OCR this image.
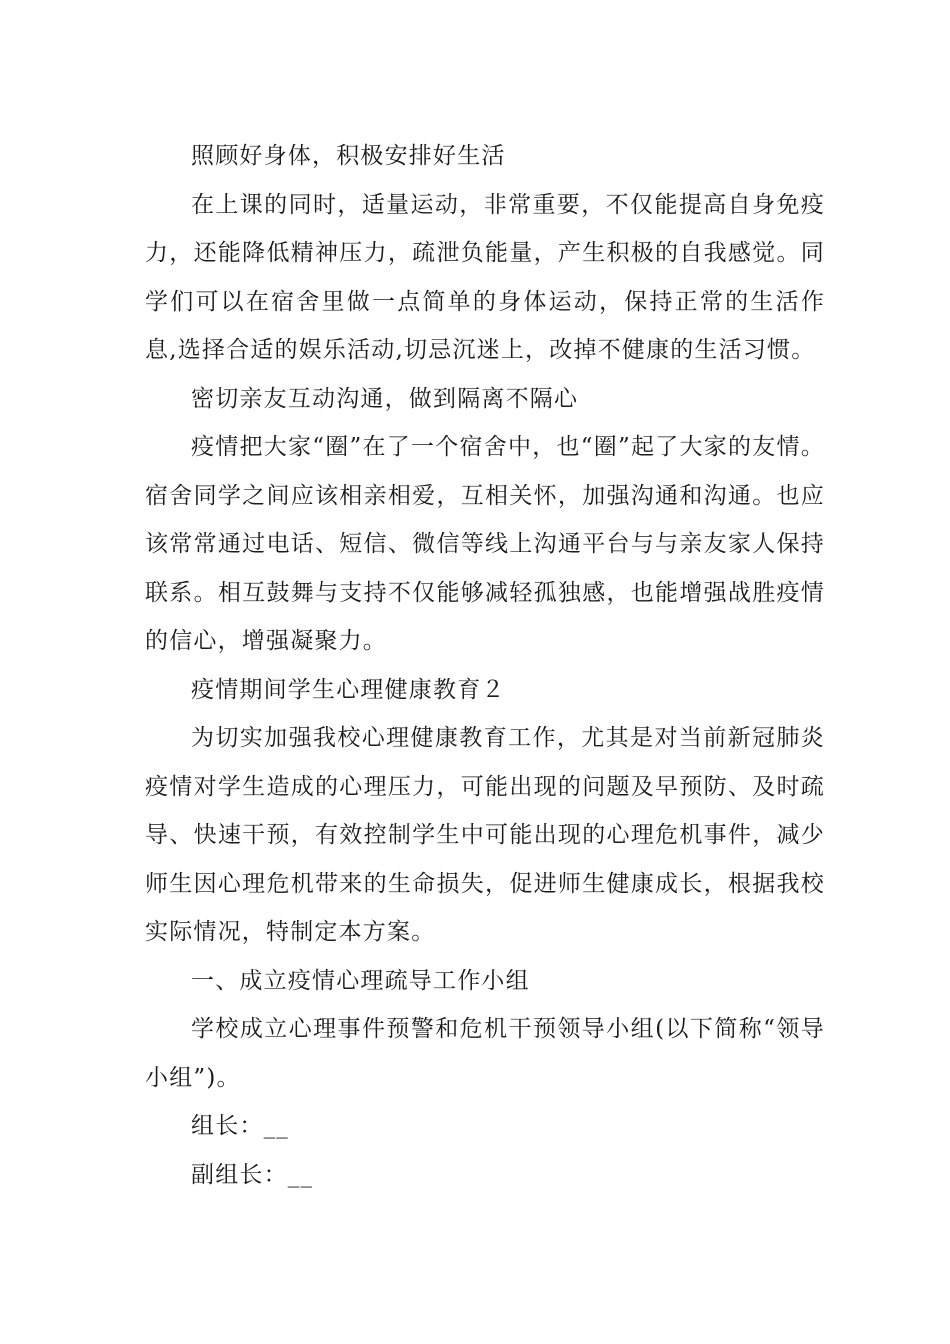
照顾好身体，积极安排好生活

在上课的同时，适量运动，非常重要，不仅能提高自身免疫力，还能降低精神压力，疏泄负能量，产生积极的自我感觉。同学们可以在宿舍里做一点简单的身体运动，保持正常的生活作息,选择合适的娱乐活动,切忌沉迷上，改掉不健康的生活习惯。

密切亲友互动沟通，做到隔离不隔心

疫情把大家“圈”在了一个宿舍中，也“圈”起了大家的友情。宿舍同学之间应该相亲相爱，互相关怀，加强沟通和沟通。也应该常常通过电话、短信、微信等线上沟通平台与与亲友家人保持联系。相互鼓舞与支持不仅能够减轻孤独感，也能增强战胜疫情的信心，增强凝聚力。

疫情期间学生心理健康教育２

为切实加强我校心理健康教育工作，尤其是对当前新冠肺炎疫情对学生造成的心理压力，可能出现的问题及早预防、及时疏导、快速干预，有效控制学生中可能出现的心理危机事件，减少师生因心理危机带来的生命损失，促进师生健康成长，根据我校实际情况，特制定本方案。

一、成立疫情心理疏导工作小组

学校成立心理事件预警和危机干预领导小组(以下简称“领导小组”)。

组长：__

副组长：__
